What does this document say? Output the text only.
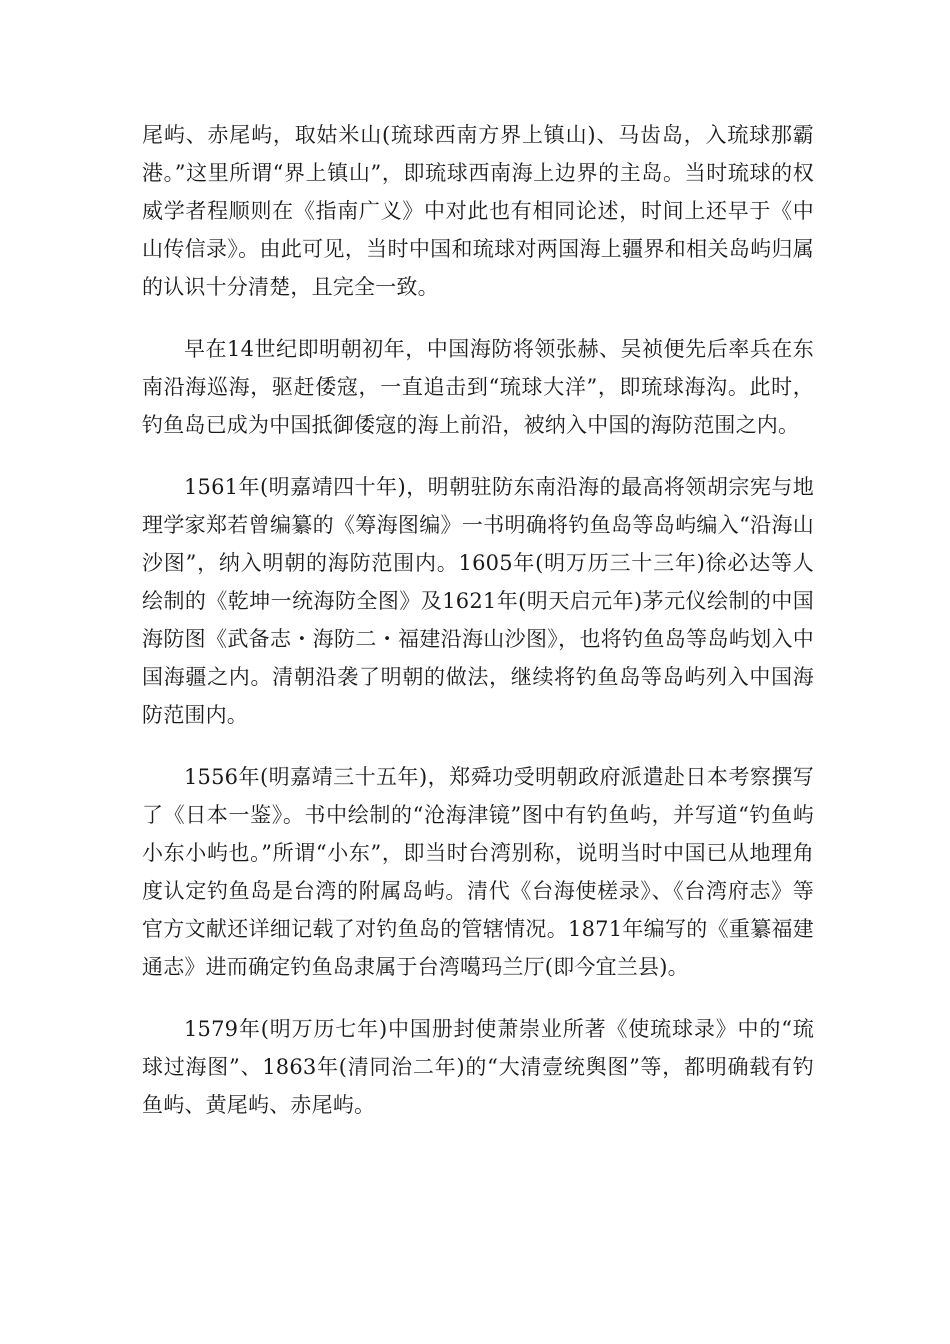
尾屿、赤尾屿，取姑米山(琉球西南方界上镇山)、马齿岛，入琉球那霸港。”这里所谓“界上镇山”，即琉球西南海上边界的主岛。当时琉球的权威学者程顺则在《指南广义》中对此也有相同论述，时间上还早于《中山传信录》。由此可见，当时中国和琉球对两国海上疆界和相关岛屿归属的认识十分清楚，且完全一致。

早在14世纪即明朝初年，中国海防将领张赫、吴祯便先后率兵在东南沿海巡海，驱赶倭寇，一直追击到“琉球大洋”，即琉球海沟。此时，钓鱼岛已成为中国抵御倭寇的海上前沿，被纳入中国的海防范围之内。

1561年(明嘉靖四十年)，明朝驻防东南沿海的最高将领胡宗宪与地理学家郑若曾编纂的《筹海图编》一书明确将钓鱼岛等岛屿编入“沿海山沙图”，纳入明朝的海防范围内。1605年(明万历三十三年)徐必达等人绘制的《乾坤一统海防全图》及1621年(明天启元年)茅元仪绘制的中国海防图《武备志・海防二・福建沿海山沙图》，也将钓鱼岛等岛屿划入中国海疆之内。清朝沿袭了明朝的做法，继续将钓鱼岛等岛屿列入中国海防范围内。

1556年(明嘉靖三十五年)，郑舜功受明朝政府派遣赴日本考察撰写了《日本一鉴》。书中绘制的“沧海津镜”图中有钓鱼屿，并写道“钓鱼屿小东小屿也。”所谓“小东”，即当时台湾别称，说明当时中国已从地理角度认定钓鱼岛是台湾的附属岛屿。清代《台海使槎录》、《台湾府志》等官方文献还详细记载了对钓鱼岛的管辖情况。1871年编写的《重纂福建通志》进而确定钓鱼岛隶属于台湾噶玛兰厅(即今宜兰县)。

1579年(明万历七年)中国册封使萧崇业所著《使琉球录》中的“琉球过海图”、1863年(清同治二年)的“大清壹统舆图”等，都明确载有钓鱼屿、黄尾屿、赤尾屿。
